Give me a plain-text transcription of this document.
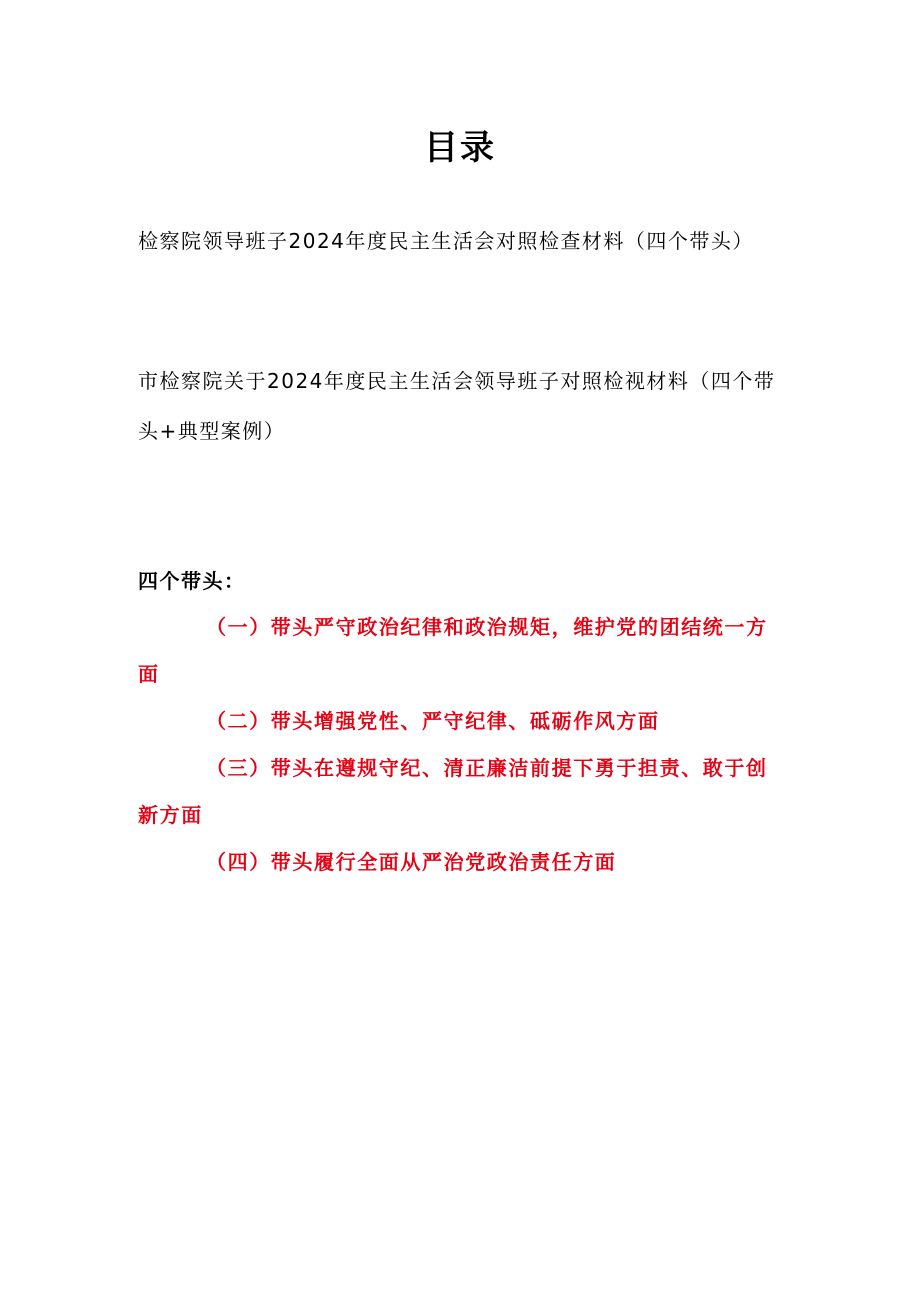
目录
检察院领导班子2024年度民主生活会对照检查材料（四个带头）
市检察院关于2024年度民主生活会领导班子对照检视材料（四个带头+典型案例）
四个带头：
（一）带头严守政治纪律和政治规矩，维护党的团结统一方面
（二）带头增强党性、严守纪律、砥砺作风方面
（三）带头在遵规守纪、清正廉洁前提下勇于担责、敢于创新方面
（四）带头履行全面从严治党政治责任方面
